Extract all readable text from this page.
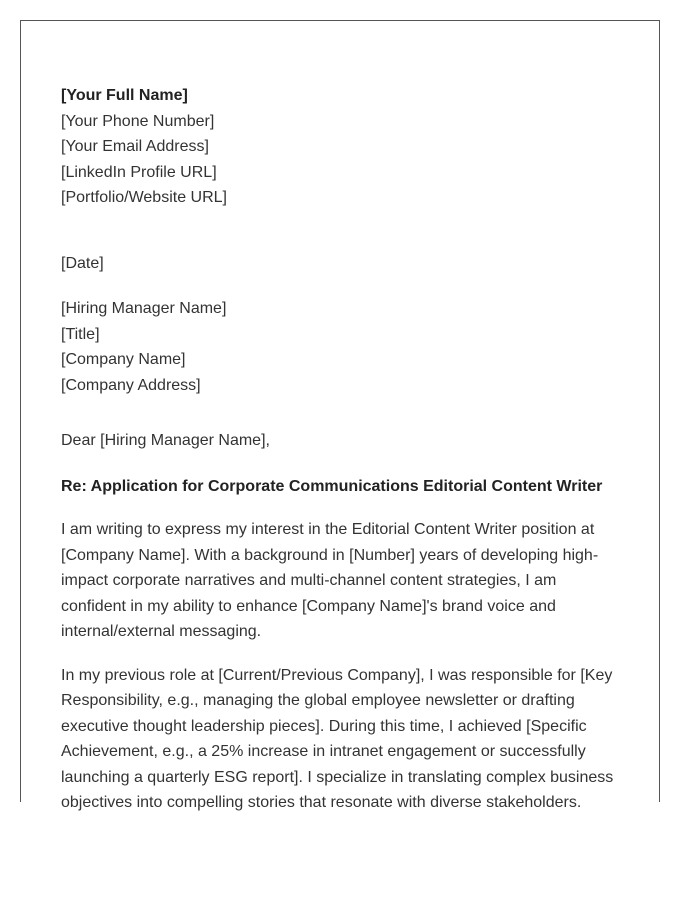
[Your Full Name]
[Your Phone Number]
[Your Email Address]
[LinkedIn Profile URL]
[Portfolio/Website URL]
[Date]
[Hiring Manager Name]
[Title]
[Company Name]
[Company Address]
Dear [Hiring Manager Name],
Re: Application for Corporate Communications Editorial Content Writer

I am writing to express my interest in the Editorial Content Writer position at [Company Name]. With a background in [Number] years of developing high-impact corporate narratives and multi-channel content strategies, I am confident in my ability to enhance [Company Name]'s brand voice and internal/external messaging.

In my previous role at [Current/Previous Company], I was responsible for [Key Responsibility, e.g., managing the global employee newsletter or drafting executive thought leadership pieces]. During this time, I achieved [Specific Achievement, e.g., a 25% increase in intranet engagement or successfully launching a quarterly ESG report]. I specialize in translating complex business objectives into compelling stories that resonate with diverse stakeholders.
